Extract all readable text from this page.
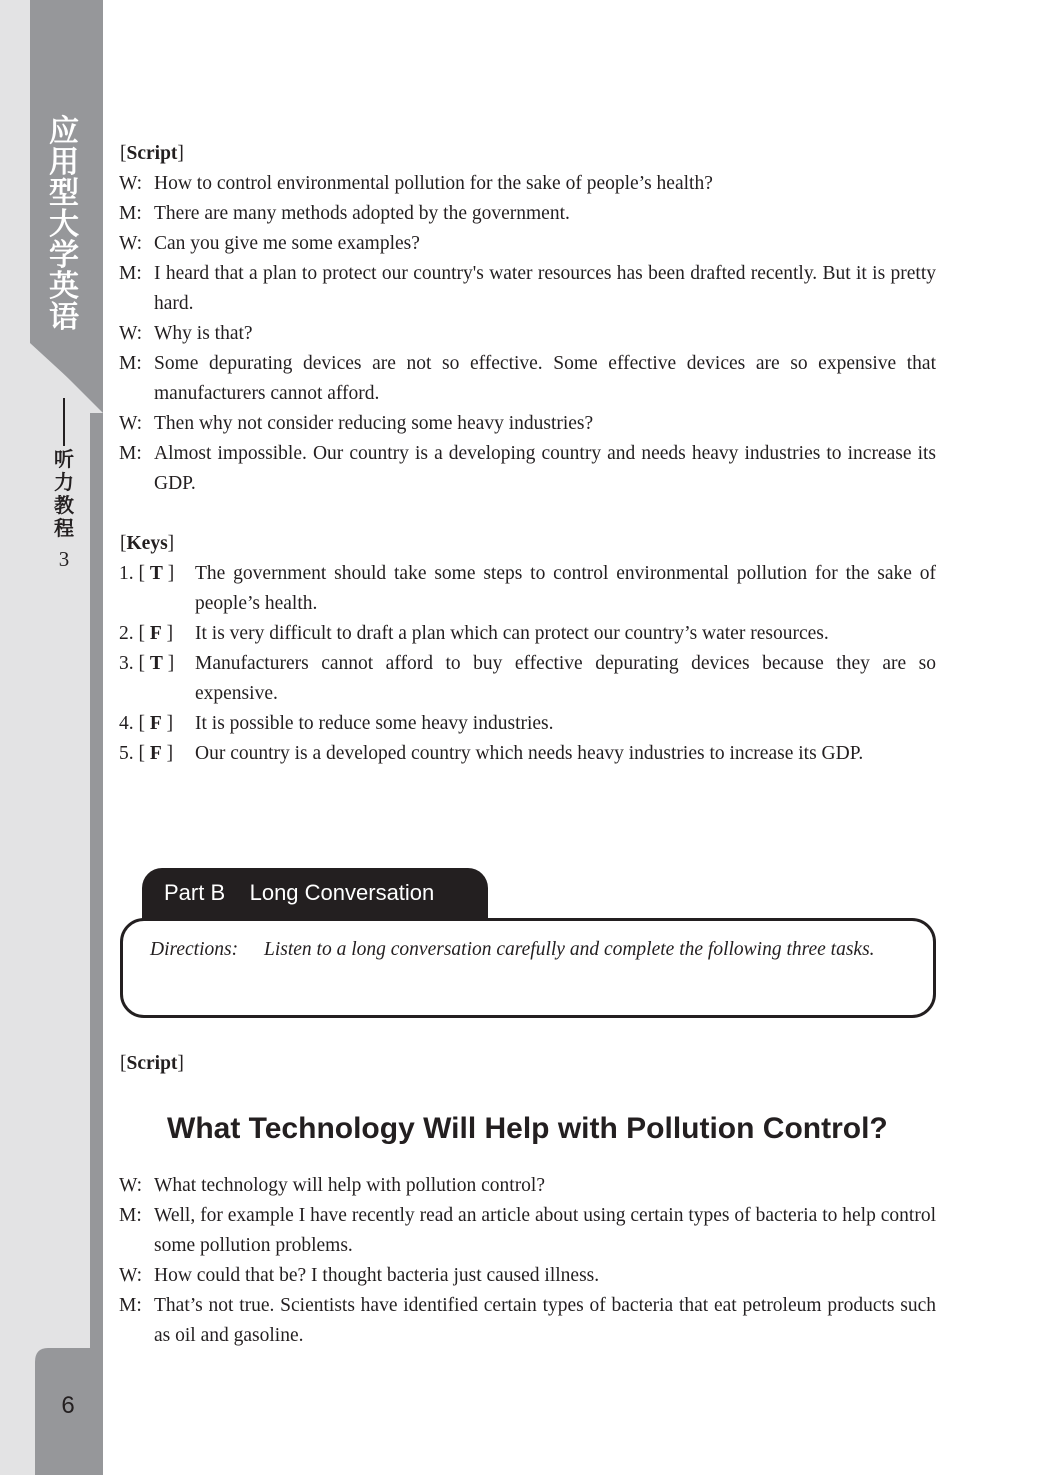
应
用
型
大
学
英
语
听
力
教
程
3
6
[Script]
W: How to control environmental pollution for the sake of people’s health?
M: There are many methods adopted by the government.
W: Can you give me some examples?
M: I heard that a plan to protect our country's water resources has been drafted recently. But it is pretty hard.
W: Why is that?
M: Some depurating devices are not so effective. Some effective devices are so expensive that manufacturers cannot afford.
W: Then why not consider reducing some heavy industries?
M: Almost impossible. Our country is a developing country and needs heavy industries to increase its GDP.
[Keys]
1. [ T ] The government should take some steps to control environmental pollution for the sake of people’s health.
2. [ F ] It is very difficult to draft a plan which can protect our country’s water resources.
3. [ T ] Manufacturers cannot afford to buy effective depurating devices because they are so expensive.
4. [ F ] It is possible to reduce some heavy industries.
5. [ F ] Our country is a developed country which needs heavy industries to increase its GDP.
Part B Long Conversation
Directions: Listen to a long conversation carefully and complete the following three tasks.
[Script]
What Technology Will Help with Pollution Control?
W: What technology will help with pollution control?
M: Well, for example I have recently read an article about using certain types of bacteria to help control some pollution problems.
W: How could that be? I thought bacteria just caused illness.
M: That’s not true. Scientists have identified certain types of bacteria that eat petroleum products such as oil and gasoline.
